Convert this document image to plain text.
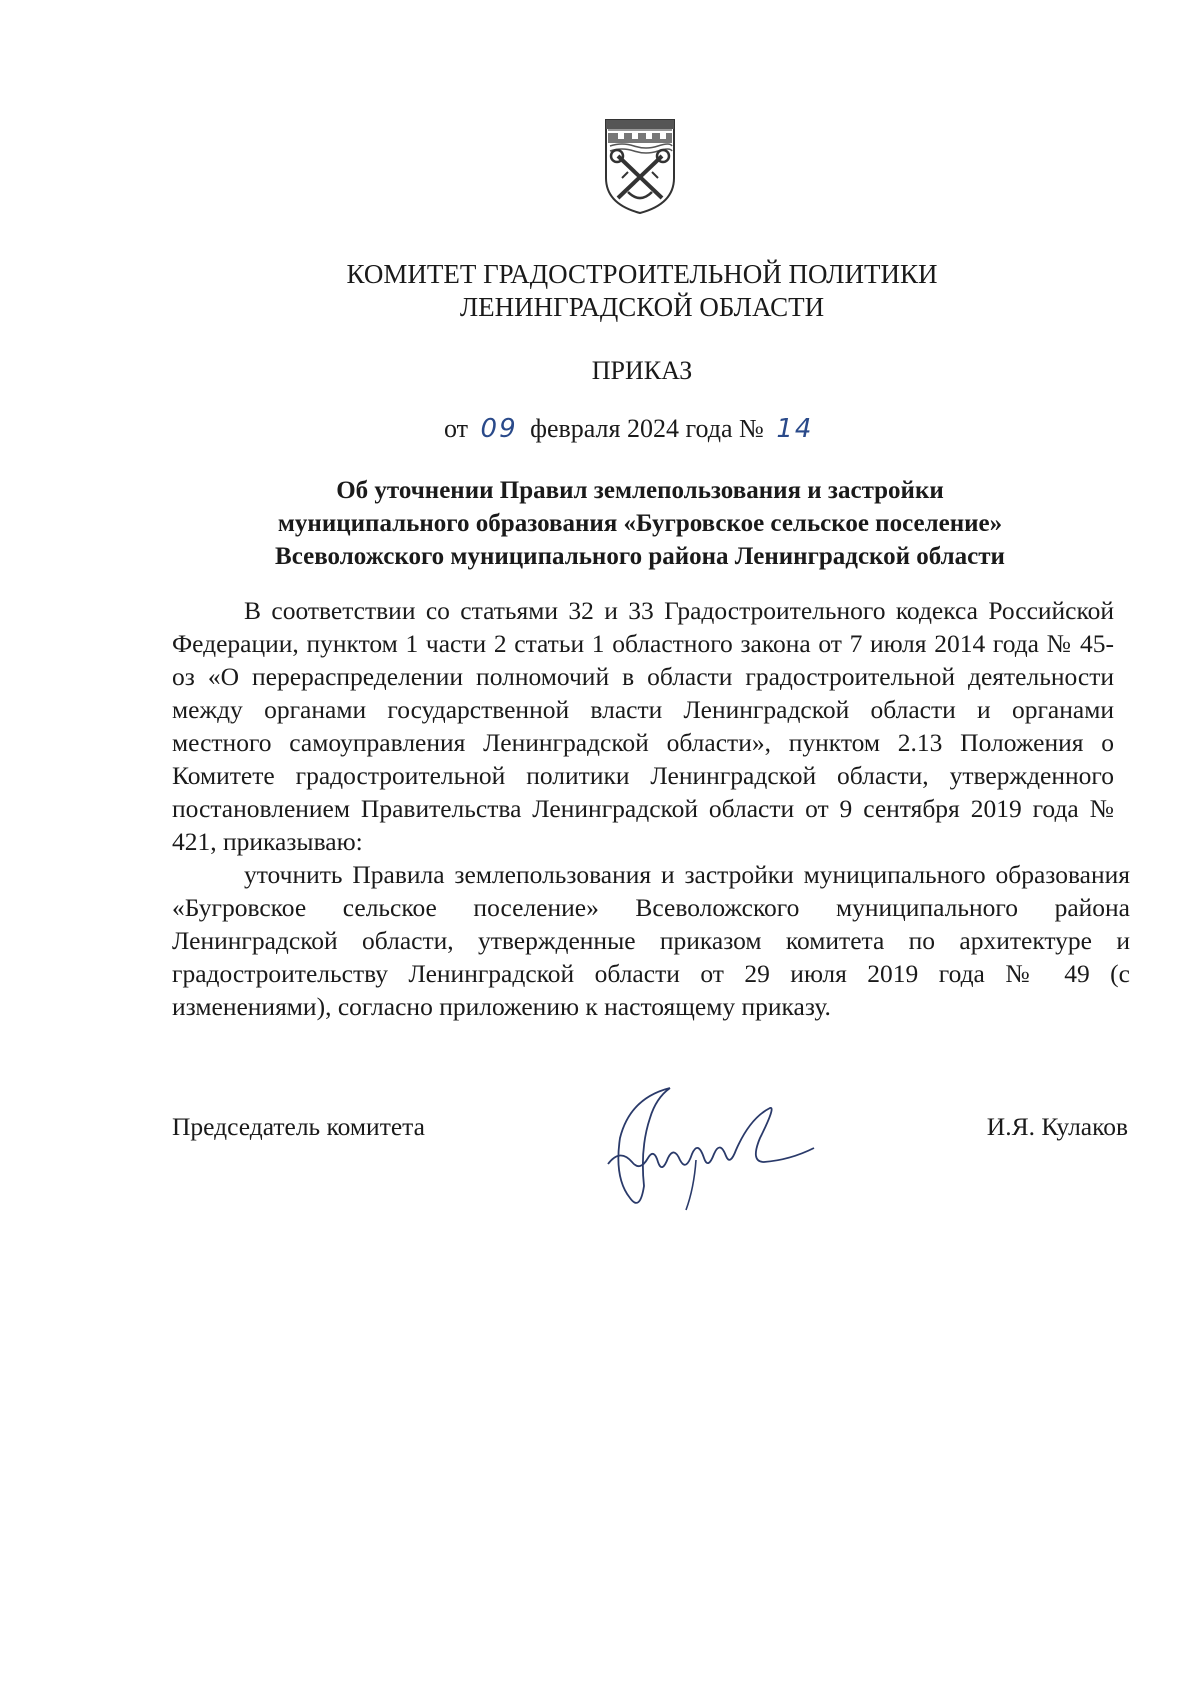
КОМИТЕТ ГРАДОСТРОИТЕЛЬНОЙ ПОЛИТИКИ
ЛЕНИНГРАДСКОЙ ОБЛАСТИ
ПРИКАЗ
от 09 февраля 2024 года № 14
Об уточнении Правил землепользования и застройки
муниципального образования «Бугровское сельское поселение»
Всеволожского муниципального района Ленинградской области
В соответствии со статьями 32 и 33 Градостроительного кодекса Российской Федерации, пунктом 1 части 2 статьи 1 областного закона от 7 июля 2014 года № 45-оз «О перераспределении полномочий в области градостроительной деятельности между органами государственной власти Ленинградской области и органами местного самоуправления Ленинградской области», пунктом 2.13 Положения о Комитете градостроительной политики Ленинградской области, утвержденного постановлением Правительства Ленинградской области от 9 сентября 2019 года № 421, приказываю:
уточнить Правила землепользования и застройки муниципального образования «Бугровское сельское поселение» Всеволожского муниципального района Ленинградской области, утвержденные приказом комитета по архитектуре и градостроительству Ленинградской области от 29 июля 2019 года № 49 (с изменениями), согласно приложению к настоящему приказу.
Председатель комитета	И.Я. Кулаков
